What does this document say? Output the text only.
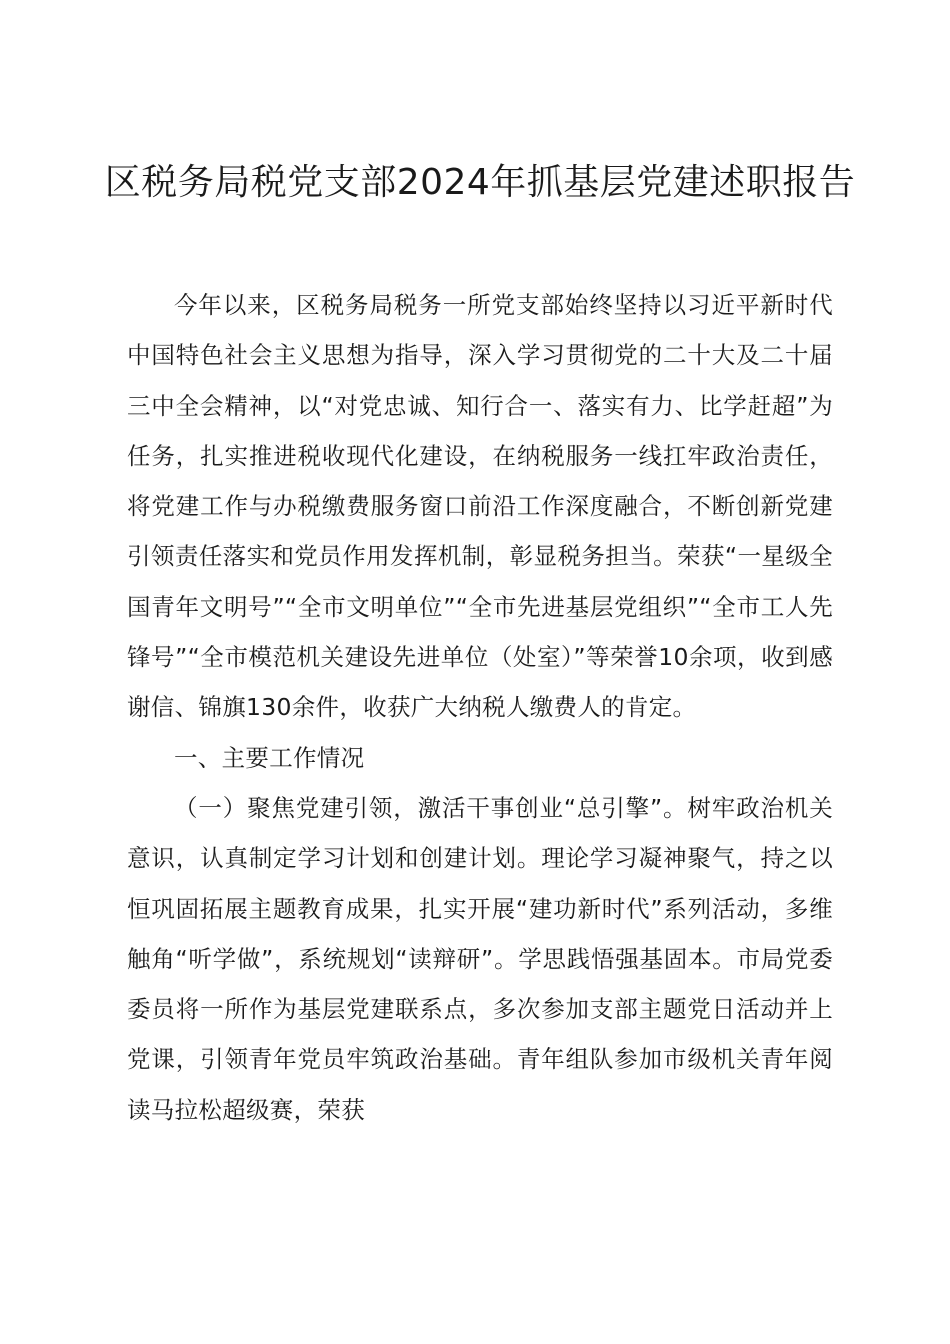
区税务局税党支部2024年抓基层党建述职报告

今年以来，区税务局税务一所党支部始终坚持以习近平新时代中国特色社会主义思想为指导，深入学习贯彻党的二十大及二十届三中全会精神，以“对党忠诚、知行合一、落实有力、比学赶超”为任务，扎实推进税收现代化建设，在纳税服务一线扛牢政治责任，将党建工作与办税缴费服务窗口前沿工作深度融合，不断创新党建引领责任落实和党员作用发挥机制，彰显税务担当。荣获“一星级全国青年文明号”“全市文明单位”“全市先进基层党组织”“全市工人先锋号”“全市模范机关建设先进单位（处室）”等荣誉10余项，收到感谢信、锦旗130余件，收获广大纳税人缴费人的肯定。

一、主要工作情况

（一）聚焦党建引领，激活干事创业“总引擎”。树牢政治机关意识，认真制定学习计划和创建计划。理论学习凝神聚气，持之以恒巩固拓展主题教育成果，扎实开展“建功新时代”系列活动，多维触角“听学做”，系统规划“读辩研”。学思践悟强基固本。市局党委委员将一所作为基层党建联系点，多次参加支部主题党日活动并上党课，引领青年党员牢筑政治基础。青年组队参加市级机关青年阅读马拉松超级赛，荣获
